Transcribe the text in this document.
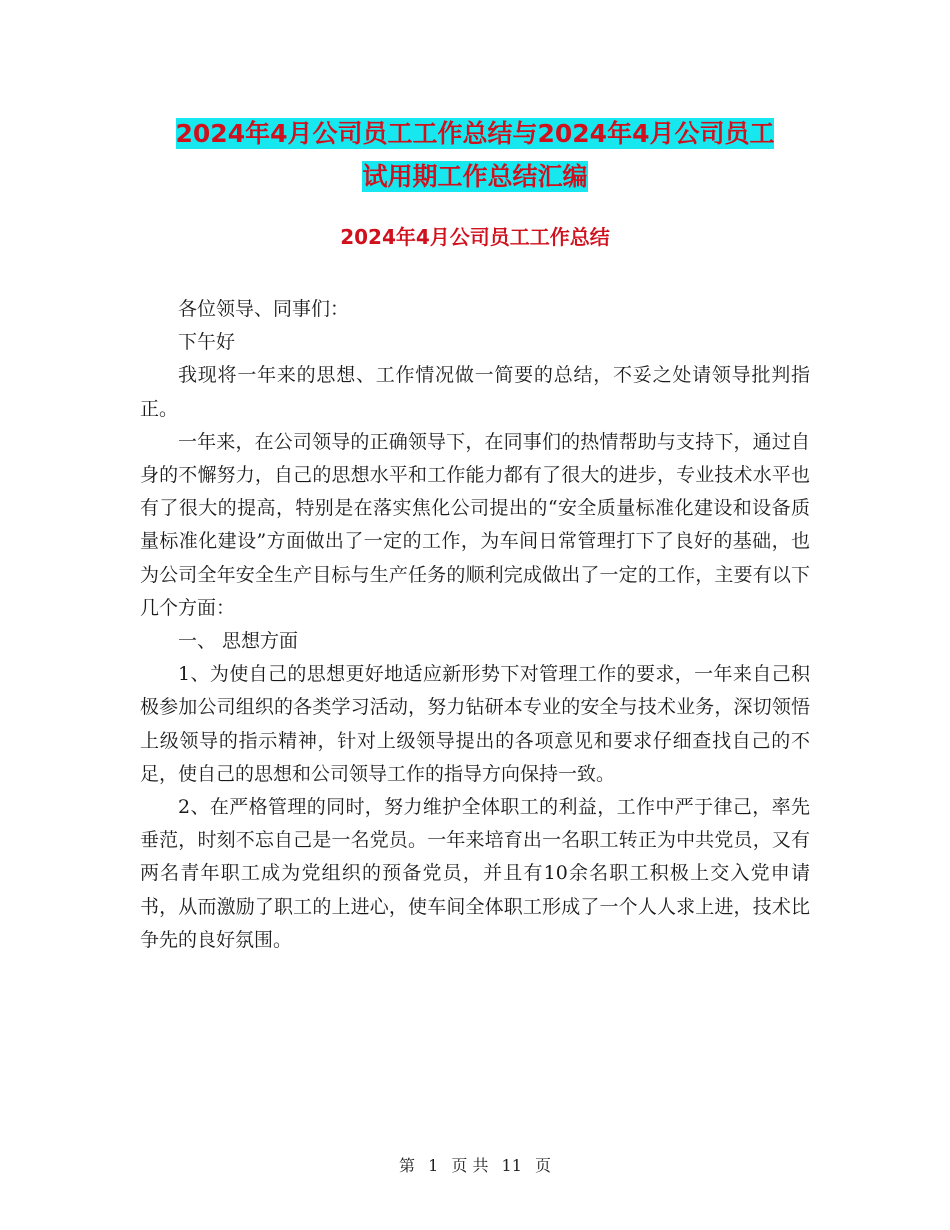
2024年4月公司员工工作总结与2024年4月公司员工
试用期工作总结汇编
2024年4月公司员工工作总结

各位领导、同事们：

下午好

我现将一年来的思想、工作情况做一简要的总结，不妥之处请领导批判指正。

一年来，在公司领导的正确领导下，在同事们的热情帮助与支持下，通过自身的不懈努力，自己的思想水平和工作能力都有了很大的进步，专业技术水平也有了很大的提高，特别是在落实焦化公司提出的“安全质量标准化建设和设备质量标准化建设”方面做出了一定的工作，为车间日常管理打下了良好的基础，也为公司全年安全生产目标与生产任务的顺利完成做出了一定的工作，主要有以下几个方面：

一、 思想方面

1、为使自己的思想更好地适应新形势下对管理工作的要求，一年来自己积极参加公司组织的各类学习活动，努力钻研本专业的安全与技术业务，深切领悟上级领导的指示精神，针对上级领导提出的各项意见和要求仔细查找自己的不足，使自己的思想和公司领导工作的指导方向保持一致。

2、在严格管理的同时，努力维护全体职工的利益，工作中严于律己，率先垂范，时刻不忘自己是一名党员。一年来培育出一名职工转正为中共党员，又有两名青年职工成为党组织的预备党员，并且有10余名职工积极上交入党申请书，从而激励了职工的上进心，使车间全体职工形成了一个人人求上进，技术比争先的良好氛围。

第 1 页 共 11 页
